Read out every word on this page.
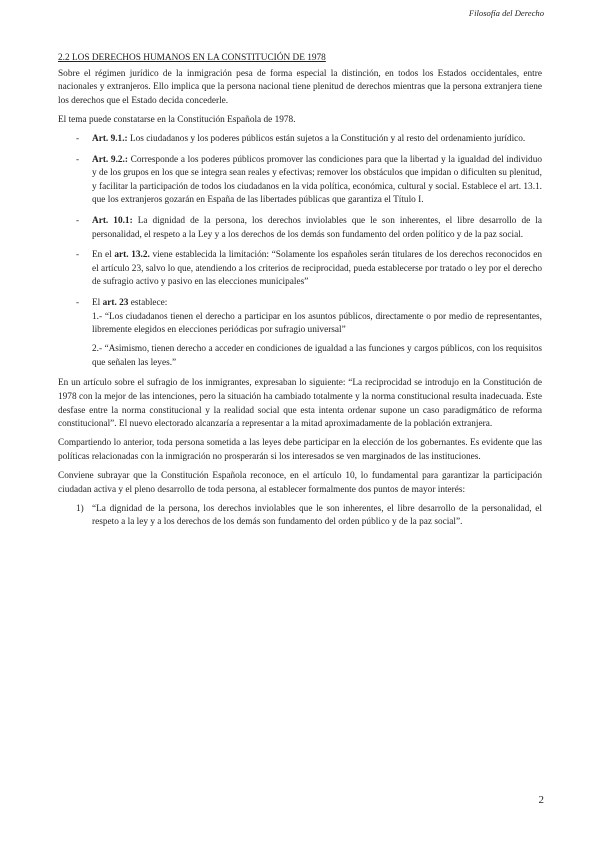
Filosofía del Derecho

2.2 LOS DERECHOS HUMANOS EN LA CONSTITUCIÓN DE 1978

Sobre el régimen jurídico de la inmigración pesa de forma especial la distinción, en todos los Estados occidentales, entre nacionales y extranjeros. Ello implica que la persona nacional tiene plenitud de derechos mientras que la persona extranjera tiene los derechos que el Estado decida concederle.

El tema puede constatarse en la Constitución Española de 1978.

- Art. 9.1.: Los ciudadanos y los poderes públicos están sujetos a la Constitución y al resto del ordenamiento jurídico.
- Art. 9.2.: Corresponde a los poderes públicos promover las condiciones para que la libertad y la igualdad del individuo y de los grupos en los que se integra sean reales y efectivas; remover los obstáculos que impidan o dificulten su plenitud, y facilitar la participación de todos los ciudadanos en la vida política, económica, cultural y social. Establece el art. 13.1. que los extranjeros gozarán en España de las libertades públicas que garantiza el Título I.
- Art. 10.1: La dignidad de la persona, los derechos inviolables que le son inherentes, el libre desarrollo de la personalidad, el respeto a la Ley y a los derechos de los demás son fundamento del orden político y de la paz social.
- En el art. 13.2. viene establecida la limitación: “Solamente los españoles serán titulares de los derechos reconocidos en el artículo 23, salvo lo que, atendiendo a los criterios de reciprocidad, pueda establecerse por tratado o ley por el derecho de sufragio activo y pasivo en las elecciones municipales”
- El art. 23 establece:

1.- “Los ciudadanos tienen el derecho a participar en los asuntos públicos, directamente o por medio de representantes, libremente elegidos en elecciones periódicas por sufragio universal”

2.- “Asimismo, tienen derecho a acceder en condiciones de igualdad a las funciones y cargos públicos, con los requisitos que señalen las leyes.”

En un artículo sobre el sufragio de los inmigrantes, expresaban lo siguiente: “La reciprocidad se introdujo en la Constitución de 1978 con la mejor de las intenciones, pero la situación ha cambiado totalmente y la norma constitucional resulta inadecuada. Este desfase entre la norma constitucional y la realidad social que esta intenta ordenar supone un caso paradigmático de reforma constitucional”. El nuevo electorado alcanzaría a representar a la mitad aproximadamente de la población extranjera.

Compartiendo lo anterior, toda persona sometida a las leyes debe participar en la elección de los gobernantes. Es evidente que las políticas relacionadas con la inmigración no prosperarán si los interesados se ven marginados de las instituciones.

Conviene subrayar que la Constitución Española reconoce, en el artículo 10, lo fundamental para garantizar la participación ciudadan activa y el pleno desarrollo de toda persona, al establecer formalmente dos puntos de mayor interés:

1) “La dignidad de la persona, los derechos inviolables que le son inherentes, el libre desarrollo de la personalidad, el respeto a la ley y a los derechos de los demás son fundamento del orden público y de la paz social”.
2
